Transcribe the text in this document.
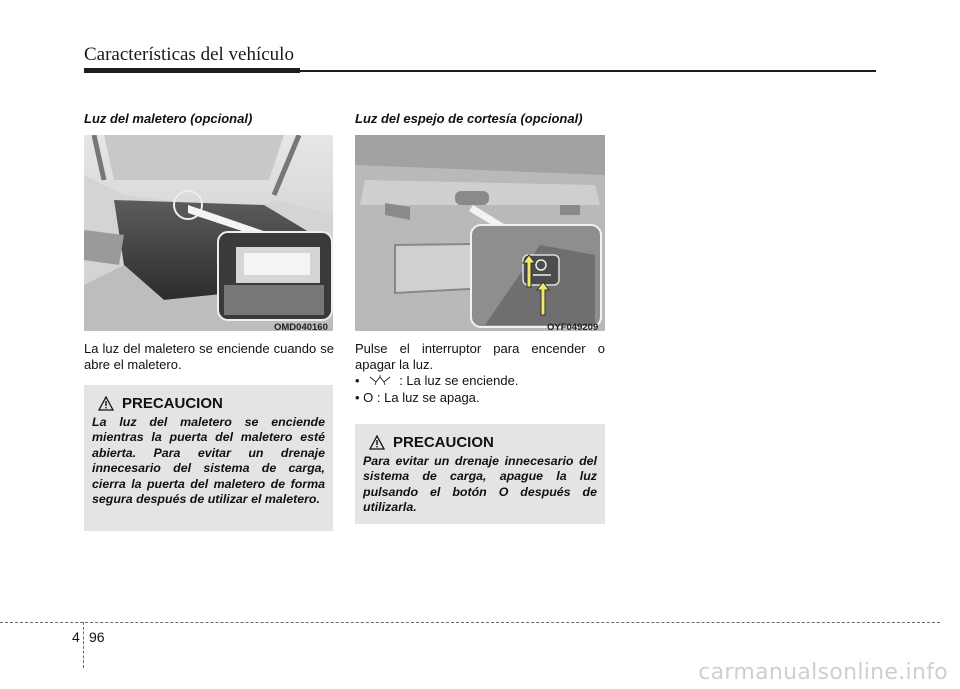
Características del vehículo
Luz del maletero (opcional)
OMD040160
La luz del maletero se enciende cuando se abre el maletero.
PRECAUCION
La luz del maletero se enciende mientras la puerta del maletero esté abierta. Para evitar un drenaje innecesario del sistema de carga, cierra la puerta del maletero de forma segura después de utilizar el maletero.
Luz del espejo de cortesía (opcional)
OYF049209
Pulse el interruptor para encender o apagar la luz.
•	: La luz se enciende.
• O : La luz se apaga.
PRECAUCION
Para evitar un drenaje innecesario del sistema de carga, apague la luz pulsando el botón O después de utilizarla.
4 96
carmanualsonline.info
